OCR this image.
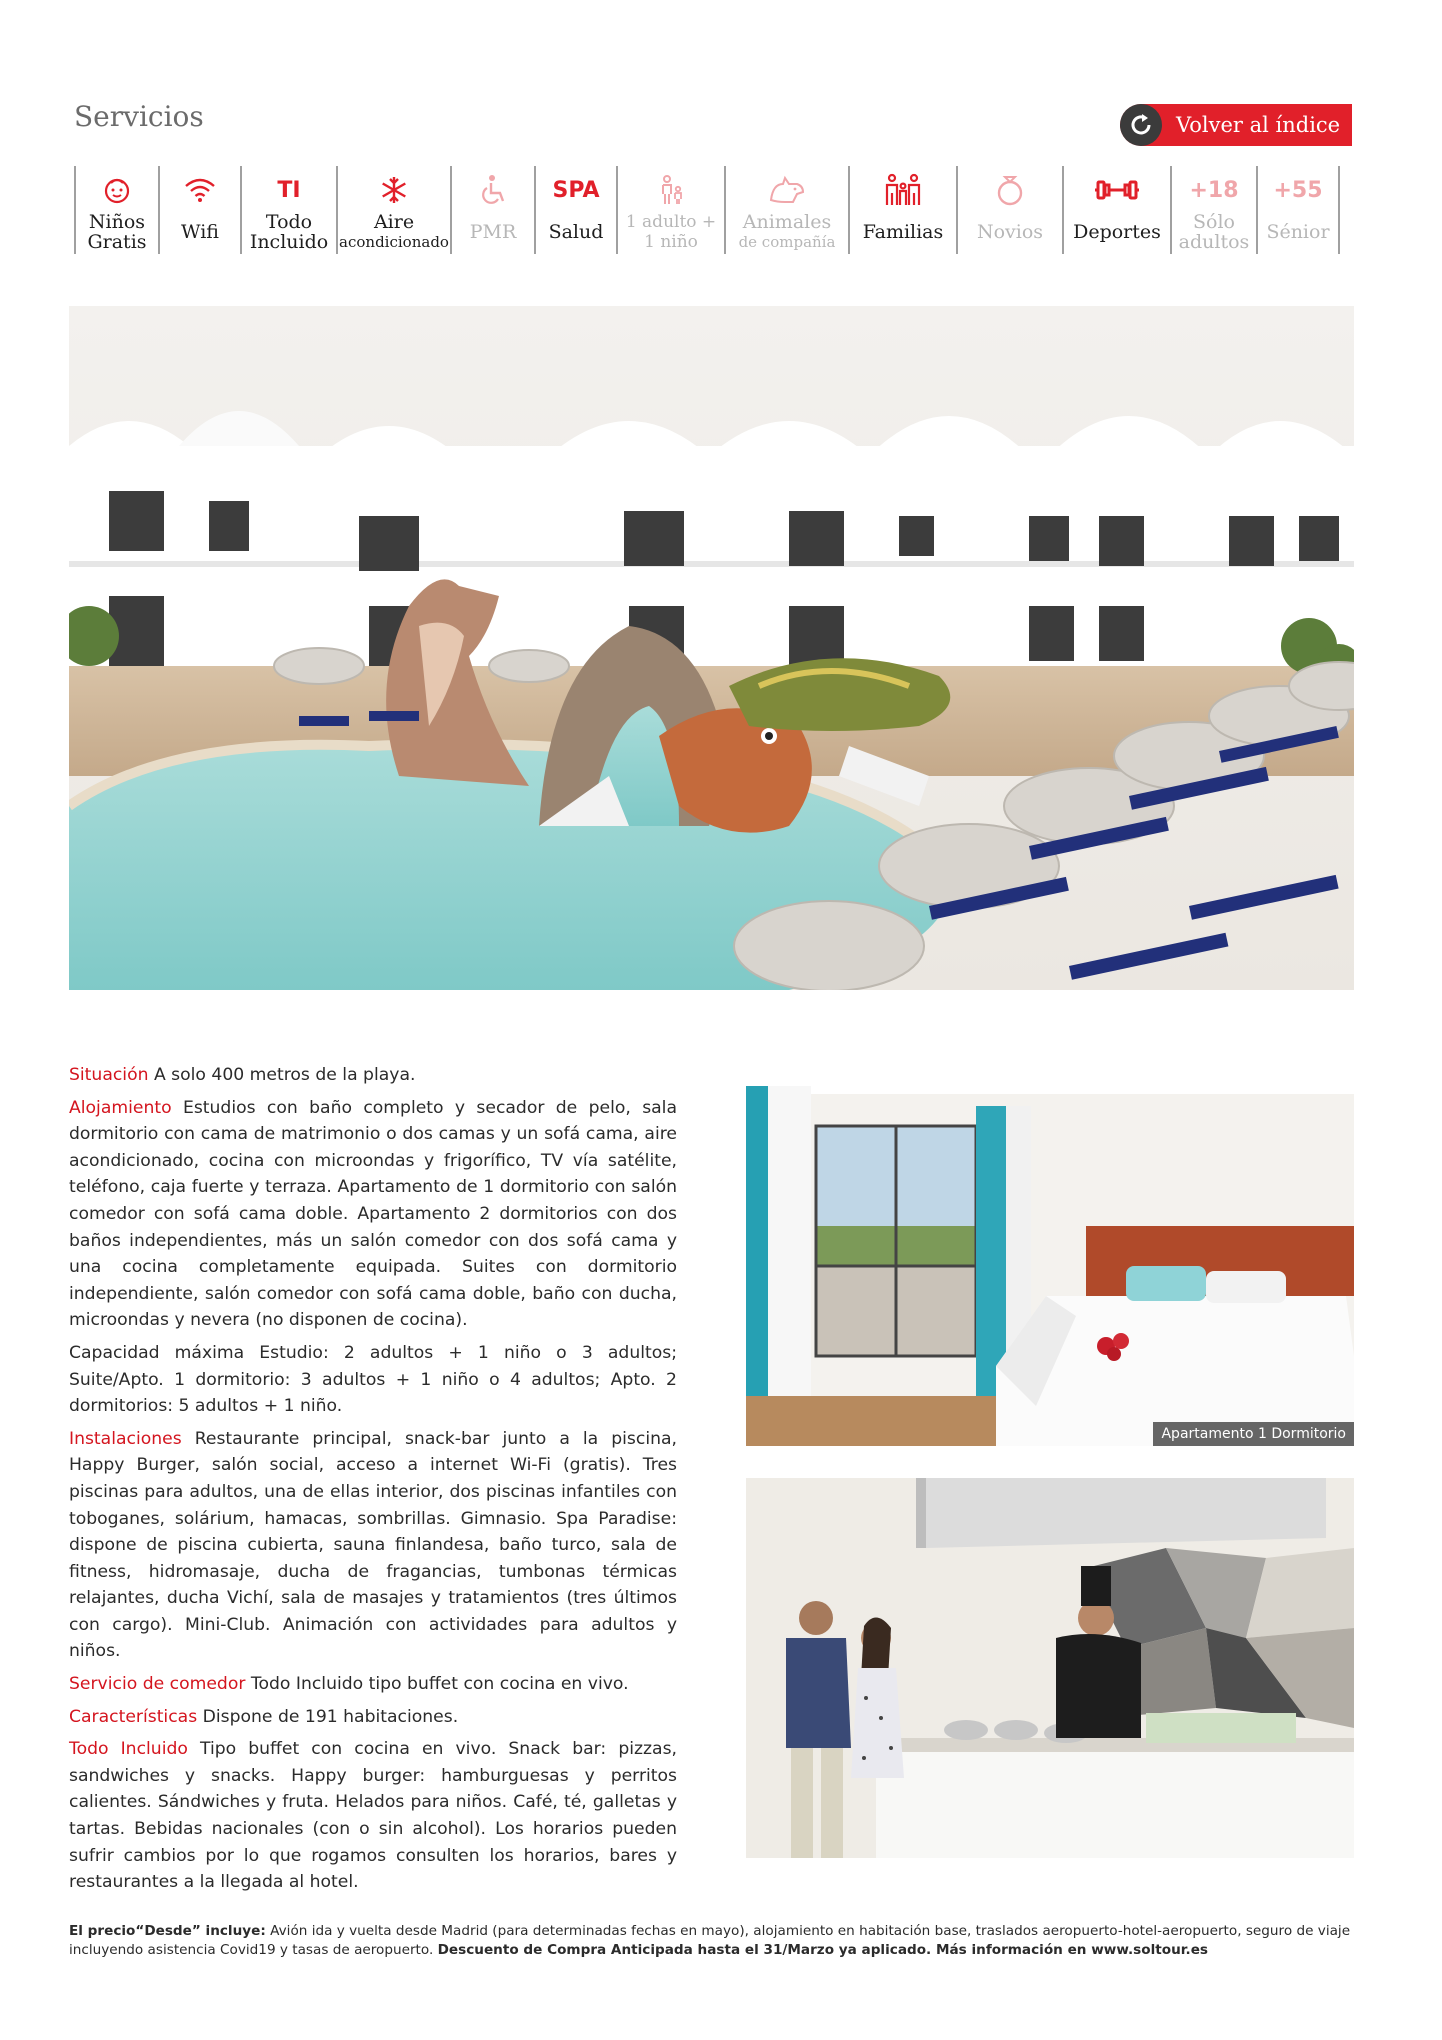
Servicios	Volver al índice
Niños
Gratis Wifi
TI
Todo
Incluido
Aire
acondicionado PMR
SPA
Salud 1 adulto +
1 niño
Animales
de compañía Familias Novios Deportes
+18
Sólo
adultos
+55
Sénior

Situación A solo 400 metros de la playa.

Alojamiento Estudios con baño completo y secador de pelo, sala dormitorio con cama de matrimonio o dos camas y un sofá cama, aire acondicionado, cocina con microondas y frigorífico, TV vía satélite, teléfono, caja fuerte y terraza. Apartamento de 1 dormitorio con salón comedor con sofá cama doble. Apartamento 2 dormitorios con dos baños independientes, más un salón comedor con dos sofá cama y una cocina completamente equipada. Suites con dormitorio independiente, salón comedor con sofá cama doble, baño con ducha, microondas y nevera (no disponen de cocina).

Capacidad máxima Estudio: 2 adultos + 1 niño o 3 adultos; Suite/Apto. 1 dormitorio: 3 adultos + 1 niño o 4 adultos; Apto. 2 dormitorios: 5 adultos + 1 niño.

Instalaciones Restaurante principal, snack-bar junto a la piscina, Happy Burger, salón social, acceso a internet Wi-Fi (gratis). Tres piscinas para adultos, una de ellas interior, dos piscinas infantiles con toboganes, solárium, hamacas, sombrillas. Gimnasio. Spa Paradise: dispone de piscina cubierta, sauna finlandesa, baño turco, sala de fitness, hidromasaje, ducha de fragancias, tumbonas térmicas relajantes, ducha Vichí, sala de masajes y tratamientos (tres últimos con cargo). Mini-Club. Animación con actividades para adultos y niños.

Servicio de comedor Todo Incluido tipo buffet con cocina en vivo.

Características Dispone de 191 habitaciones.

Todo Incluido Tipo buffet con cocina en vivo. Snack bar: pizzas, sandwiches y snacks. Happy burger: hamburguesas y perritos calientes. Sándwiches y fruta. Helados para niños. Café, té, galletas y tartas. Bebidas nacionales (con o sin alcohol). Los horarios pueden sufrir cambios por lo que rogamos consulten los horarios, bares y restaurantes a la llegada al hotel.

Apartamento 1 Dormitorio
El precio“Desde” incluye: Avión ida y vuelta desde Madrid (para determinadas fechas en mayo), alojamiento en habitación base, traslados aeropuerto-hotel-aeropuerto, seguro de viaje incluyendo asistencia Covid19 y tasas de aeropuerto. Descuento de Compra Anticipada hasta el 31/Marzo ya aplicado. Más información en www.soltour.es
